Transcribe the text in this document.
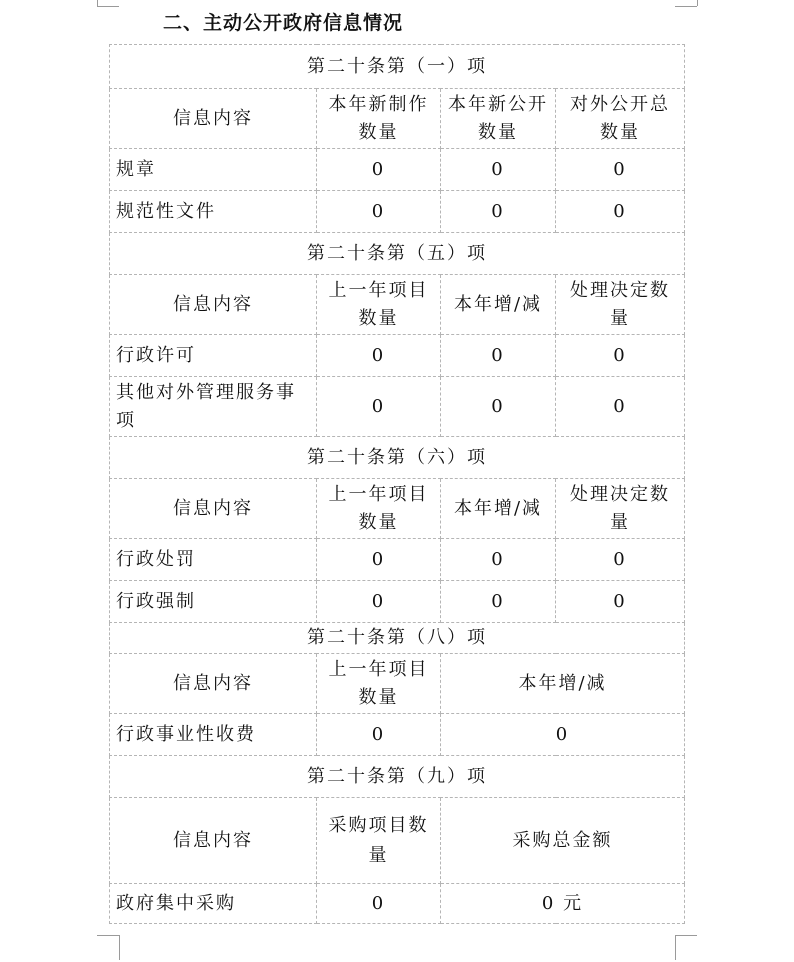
二、主动公开政府信息情况
第二十条第（一）项			
信息内容	本年新制作数量	本年新公开数量	对外公开总数量
规章	0	0	0
规范性文件	0	0	0
第二十条第（五）项			
信息内容	上一年项目数量	本年增/减	处理决定数量
行政许可	0	0	0
其他对外管理服务事项	0	0	0
第二十条第（六）项			
信息内容	上一年项目数量	本年增/减	处理决定数量
行政处罚	0	0	0
行政强制	0	0	0
第二十条第（八）项			
信息内容	上一年项目数量	本年增/减	
行政事业性收费	0	0	
第二十条第（九）项			
信息内容	采购项目数量	采购总金额	
政府集中采购	0	0 元	
